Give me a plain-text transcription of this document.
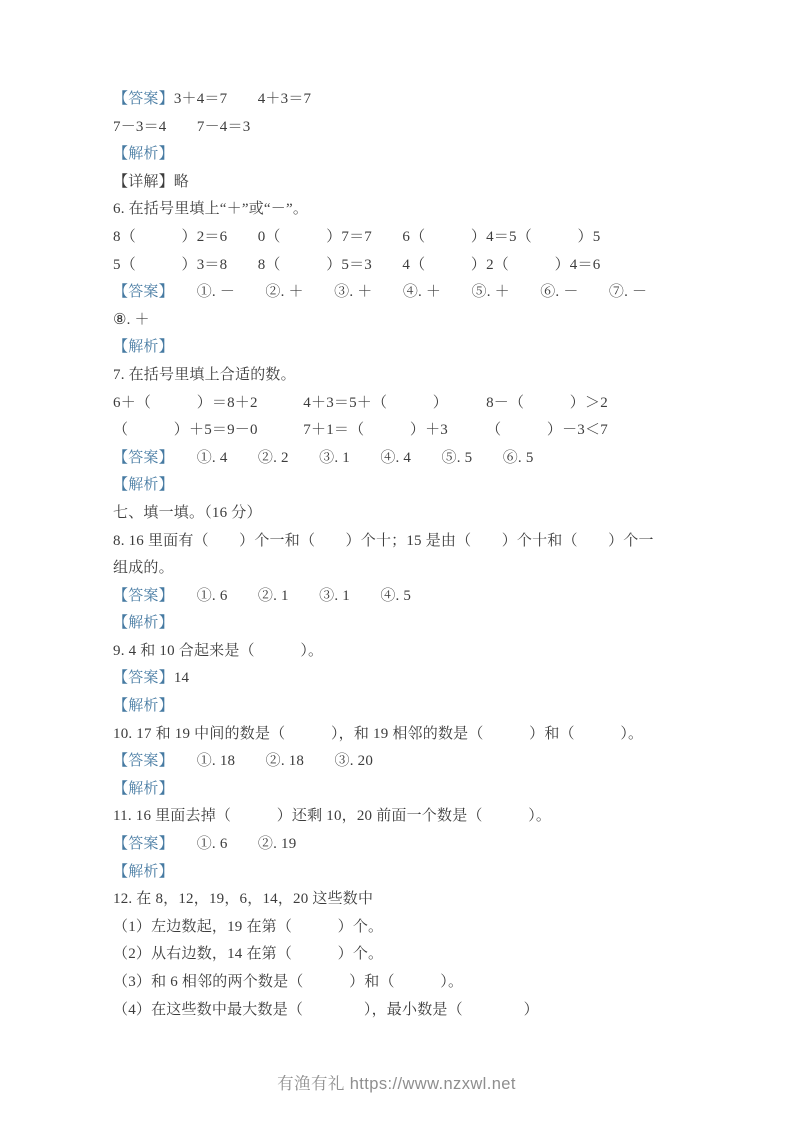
【答案】3＋4＝7　　4＋3＝7
7－3＝4　　7－4＝3
【解析】
【详解】略
6. 在括号里填上“＋”或“－”。
8（　　　）2＝6　　0（　　　）7＝7　　6（　　　）4＝5（　　　）5
5（　　　）3＝8　　8（　　　）5＝3　　4（　　　）2（　　　）4＝6
【答案】　　①. －　　②. ＋　　③. ＋　　④. ＋　　⑤. ＋　　⑥. －　　⑦. －
⑧. ＋
【解析】
7. 在括号里填上合适的数。
6＋（　　　）＝8＋2　　　4＋3＝5＋（　　　）　　　8－（　　　）＞2
（　　　）＋5＝9－0　　　7＋1＝（　　　）＋3　　　（　　　）－3＜7
【答案】　　①. 4　　②. 2　　③. 1　　④. 4　　⑤. 5　　⑥. 5
【解析】
七、填一填。（16 分）
8. 16 里面有（　　）个一和（　　）个十；15 是由（　　）个十和（　　）个一
组成的。
【答案】　　①. 6　　②. 1　　③. 1　　④. 5
【解析】
9. 4 和 10 合起来是（　　　）。
【答案】14
【解析】
10. 17 和 19 中间的数是（　　　），和 19 相邻的数是（　　　）和（　　　）。
【答案】　　①. 18　　②. 18　　③. 20
【解析】
11. 16 里面去掉（　　　）还剩 10，20 前面一个数是（　　　）。
【答案】　　①. 6　　②. 19
【解析】
12. 在 8，12，19，6，14，20 这些数中
（1）左边数起，19 在第（　　　）个。
（2）从右边数，14 在第（　　　）个。
（3）和 6 相邻的两个数是（　　　）和（　　　）。
（4）在这些数中最大数是（　　　　），最小数是（　　　　）
有渔有礼 https://www.nzxwl.net
